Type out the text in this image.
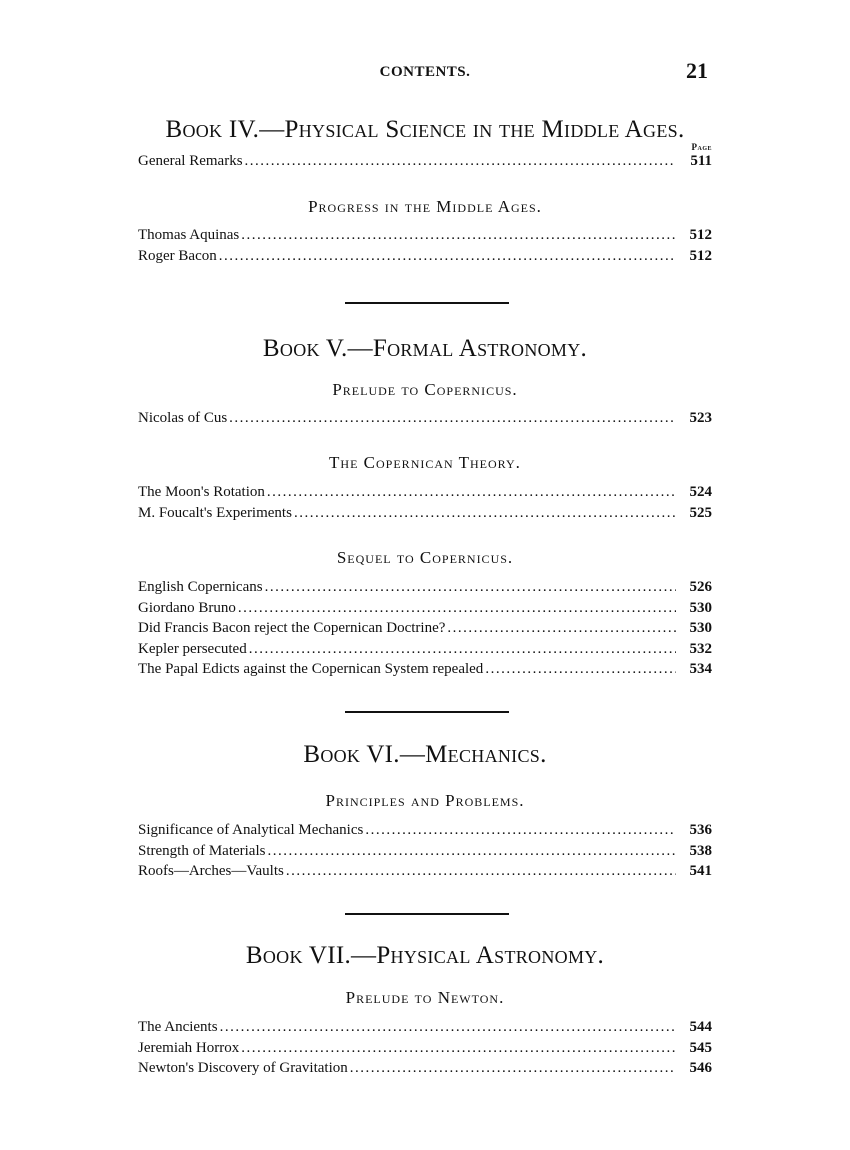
CONTENTS.	21
Book IV.—Physical Science in the Middle Ages.
Page
General Remarks .....	511
Progress in the Middle Ages.
Thomas Aquinas .....	512
Roger Bacon .....	512
Book V.—Formal Astronomy.
Prelude to Copernicus.
Nicolas of Cus .....	523
The Copernican Theory.
The Moon's Rotation .....	524
M. Foucalt's Experiments .....	525
Sequel to Copernicus.
English Copernicans .....	526
Giordano Bruno .....	530
Did Francis Bacon reject the Copernican Doctrine? .....	530
Kepler persecuted .....	532
The Papal Edicts against the Copernican System repealed .....	534
Book VI.—Mechanics.
Principles and Problems.
Significance of Analytical Mechanics .....	536
Strength of Materials .....	538
Roofs—Arches—Vaults .....	541
Book VII.—Physical Astronomy.
Prelude to Newton.
The Ancients .....	544
Jeremiah Horrox .....	545
Newton's Discovery of Gravitation .....	546
